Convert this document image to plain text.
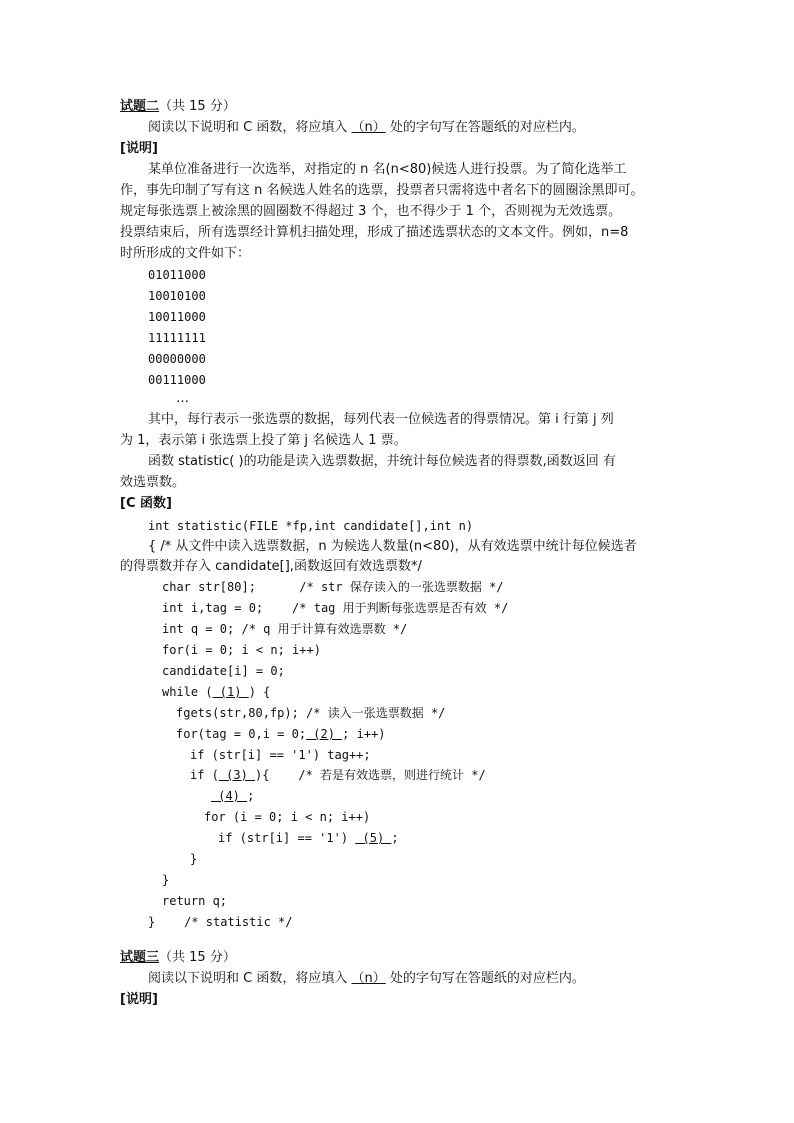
试题二（共 15 分）
阅读以下说明和 C 函数，将应填入 （n） 处的字句写在答题纸的对应栏内。
[说明]
某单位准备进行一次选举，对指定的 n 名(n<80)候选人进行投票。为了简化选举工
作，事先印制了写有这 n 名候选人姓名的选票，投票者只需将选中者名下的圆圈涂黑即可。
规定每张选票上被涂黑的圆圈数不得超过 3 个，也不得少于 1 个，否则视为无效选票。
投票结束后，所有选票经计算机扫描处理，形成了描述选票状态的文本文件。例如，n=8
时所形成的文件如下：
01011000
10010100
10011000
11111111
00000000
00111000
…
其中，每行表示一张选票的数据，每列代表一位候选者的得票情况。第 i 行第 j 列
为 1，表示第 i 张选票上投了第 j 名候选人 1 票。
函数 statistic( )的功能是读入选票数据，并统计每位候选者的得票数,函数返回 有
效选票数。
[C 函数]
int statistic(FILE *fp,int candidate[],int n)
{ /* 从文件中读入选票数据，n 为候选人数量(n<80)，从有效选票中统计每位候选者
的得票数并存入 candidate[],函数返回有效选票数*/
char str[80];      /* str 保存读入的一张选票数据 */
int i,tag = 0;    /* tag 用于判断每张选票是否有效 */
int q = 0; /* q 用于计算有效选票数 */
for(i = 0; i < n; i++)
candidate[i] = 0;
while ( (1) ) {
fgets(str,80,fp); /* 读入一张选票数据 */
for(tag = 0,i = 0; (2) ; i++)
if (str[i] == '1') tag++;
if ( (3) ){    /* 若是有效选票，则进行统计 */
(4) ;
for (i = 0; i < n; i++)
if (str[i] == '1')  (5) ;
}
}
return q;
}    /* statistic */
试题三（共 15 分）
阅读以下说明和 C 函数，将应填入 （n） 处的字句写在答题纸的对应栏内。
[说明]
